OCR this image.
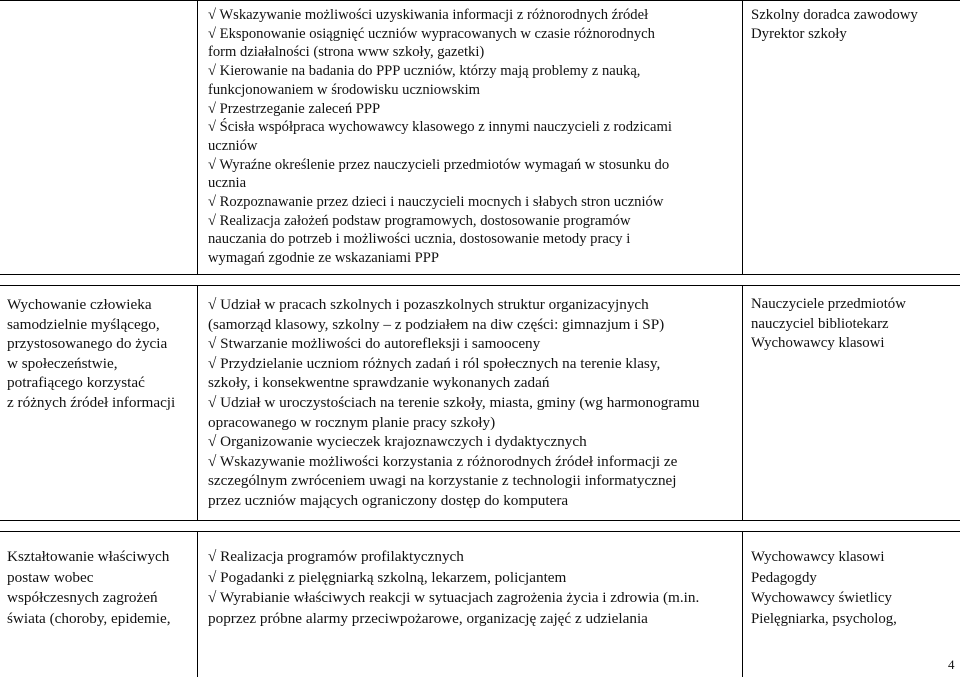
√ Wskazywanie możliwości uzyskiwania informacji z różnorodnych źródeł
√ Eksponowanie osiągnięć uczniów wypracowanych w czasie różnorodnych
form działalności (strona www szkoły, gazetki)
√ Kierowanie na badania do PPP uczniów, którzy mają problemy z nauką,
funkcjonowaniem w środowisku uczniowskim
√ Przestrzeganie zaleceń PPP
√ Ścisła współpraca wychowawcy klasowego z innymi nauczycieli z rodzicami
uczniów
√ Wyraźne określenie przez nauczycieli przedmiotów wymagań w stosunku do
uczniа
√ Rozpoznawanie przez dzieci i nauczycieli mocnych i słabych stron uczniów
√ Realizacja założeń podstaw programowych, dostosowanie programów
nauczania do potrzeb i możliwości ucznia, dostosowanie metody pracy i
wymagań zgodnie ze wskazaniami PPP
Szkolny doradca zawodowy
Dyrektor szkoły
Wychowanie człowieka
samodzielnie myślącego,
przystosowanego do życia
w społeczeństwie,
potrafiącego korzystać
z różnych źródeł informacji
√ Udział w pracach szkolnych i pozaszkolnych struktur organizacyjnych
(samorząd klasowy, szkolny – z podziałem na diw części: gimnazjum i SP)
√ Stwarzanie możliwości do autorefleksji i samooceny
√ Przydzielanie uczniom różnych zadań i ról społecznych na terenie klasy,
szkoły, i konsekwentne sprawdzanie wykonanych zadań
√ Udział w uroczystościach na terenie szkoły, miasta, gminy (wg harmonogramu
opracowanego w rocznym planie pracy szkoły)
√ Organizowanie wycieczek krajoznawczych i dydaktycznych
√ Wskazywanie możliwości korzystania z różnorodnych źródeł informacji ze
szczególnym zwróceniem uwagi na korzystanie z technologii informatycznej
przez uczniów mających ograniczony dostęp do komputera
Nauczyciele przedmiotów
nauczyciel bibliotekarz
Wychowawcy klasowi
Kształtowanie właściwych
postaw wobec
współczesnych zagrożeń
świata (choroby, epidemie,
√ Realizacja programów profilaktycznych
√ Pogadanki z pielęgniarką szkolną, lekarzem, policjantem
√ Wyrabianie właściwych reakcji w sytuacjach zagrożenia życia i zdrowia (m.in.
poprzez próbne alarmy przeciwpożarowe, organizację zajęć z udzielania
Wychowawcy klasowi
Pedagogdy
Wychowawcy świetlicy
Pielęgniarka, psycholog,
4
